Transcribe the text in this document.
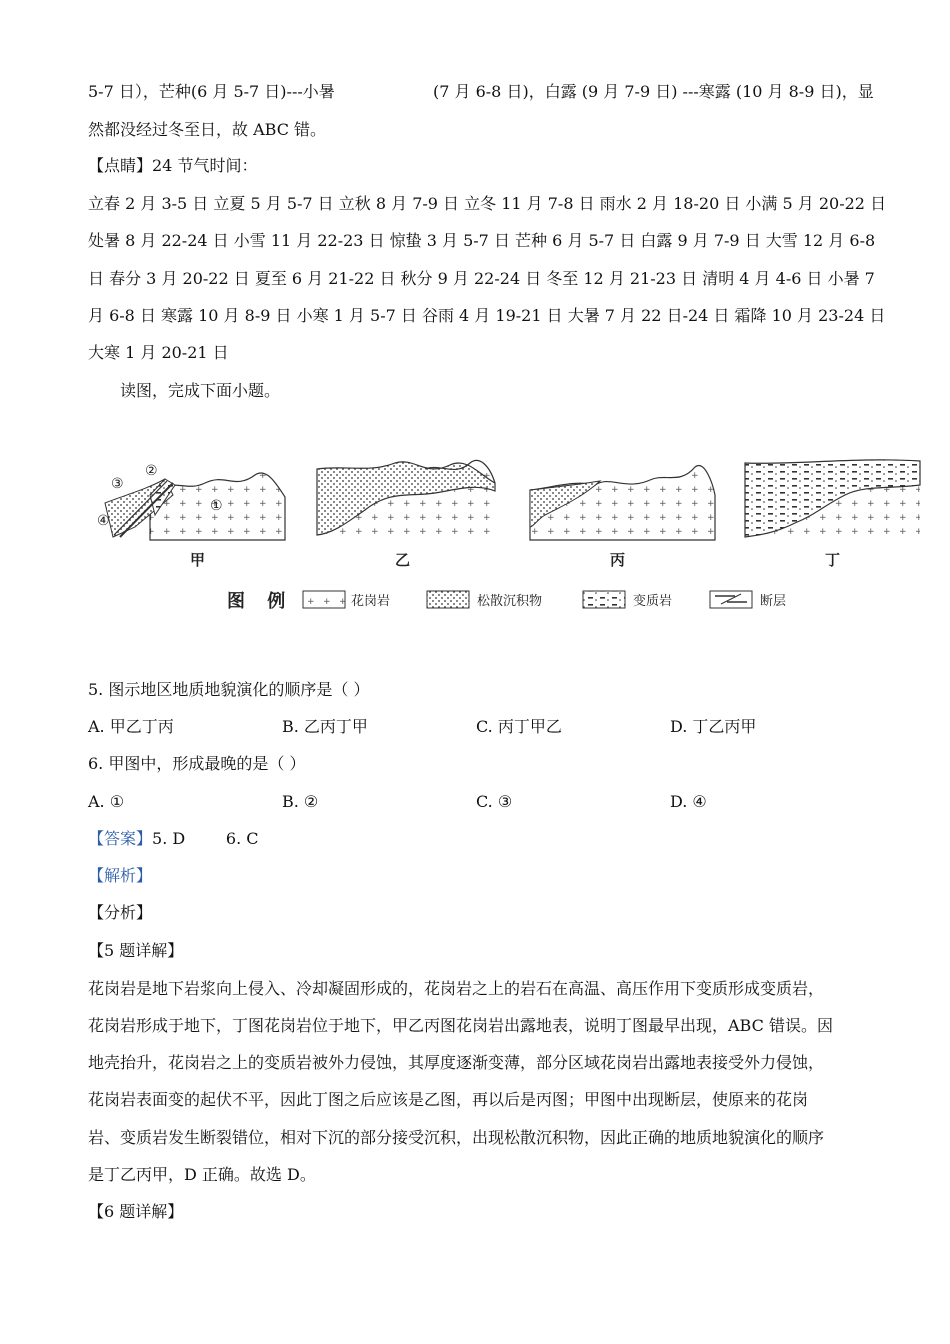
5-7 日），芒种(6 月 5-7 日)---小暑	(7 月 6-8 日)，白露 (9 月 7-9 日) ---寒露 (10 月 8-9 日)，显
然都没经过冬至日，故 ABC 错。
【点睛】24 节气时间：
立春 2 月 3-5 日 立夏 5 月 5-7 日 立秋 8 月 7-9 日 立冬 11 月 7-8 日 雨水 2 月 18-20 日 小满 5 月 20-22 日
处暑 8 月 22-24 日 小雪 11 月 22-23 日 惊蛰 3 月 5-7 日 芒种 6 月 5-7 日 白露 9 月 7-9 日 大雪 12 月 6-8
日 春分 3 月 20-22 日 夏至 6 月 21-22 日 秋分 9 月 22-24 日 冬至 12 月 21-23 日 清明 4 月 4-6 日 小暑 7
月 6-8 日 寒露 10 月 8-9 日 小寒 1 月 5-7 日 谷雨 4 月 19-21 日 大暑 7 月 22 日-24 日 霜降 10 月 23-24 日
大寒 1 月 20-21 日
读图，完成下面小题。
③
②
①
④
甲	乙	丙	丁
图 例	花岗岩	松散沉积物	变质岩	断层
5. 图示地区地质地貌演化的顺序是（ ）
A. 甲乙丁丙	B. 乙丙丁甲	C. 丙丁甲乙	D. 丁乙丙甲
6. 甲图中，形成最晚的是（ ）
A. ①	B. ②	C. ③	D. ④
【答案】5. D        6. C
【解析】
【分析】
【5 题详解】
花岗岩是地下岩浆向上侵入、冷却凝固形成的，花岗岩之上的岩石在高温、高压作用下变质形成变质岩，
花岗岩形成于地下，丁图花岗岩位于地下，甲乙丙图花岗岩出露地表，说明丁图最早出现，ABC 错误。因
地壳抬升，花岗岩之上的变质岩被外力侵蚀，其厚度逐渐变薄，部分区域花岗岩出露地表接受外力侵蚀，
花岗岩表面变的起伏不平，因此丁图之后应该是乙图，再以后是丙图；甲图中出现断层，使原来的花岗
岩、变质岩发生断裂错位，相对下沉的部分接受沉积，出现松散沉积物，因此正确的地质地貌演化的顺序
是丁乙丙甲，D 正确。故选 D。
【6 题详解】
